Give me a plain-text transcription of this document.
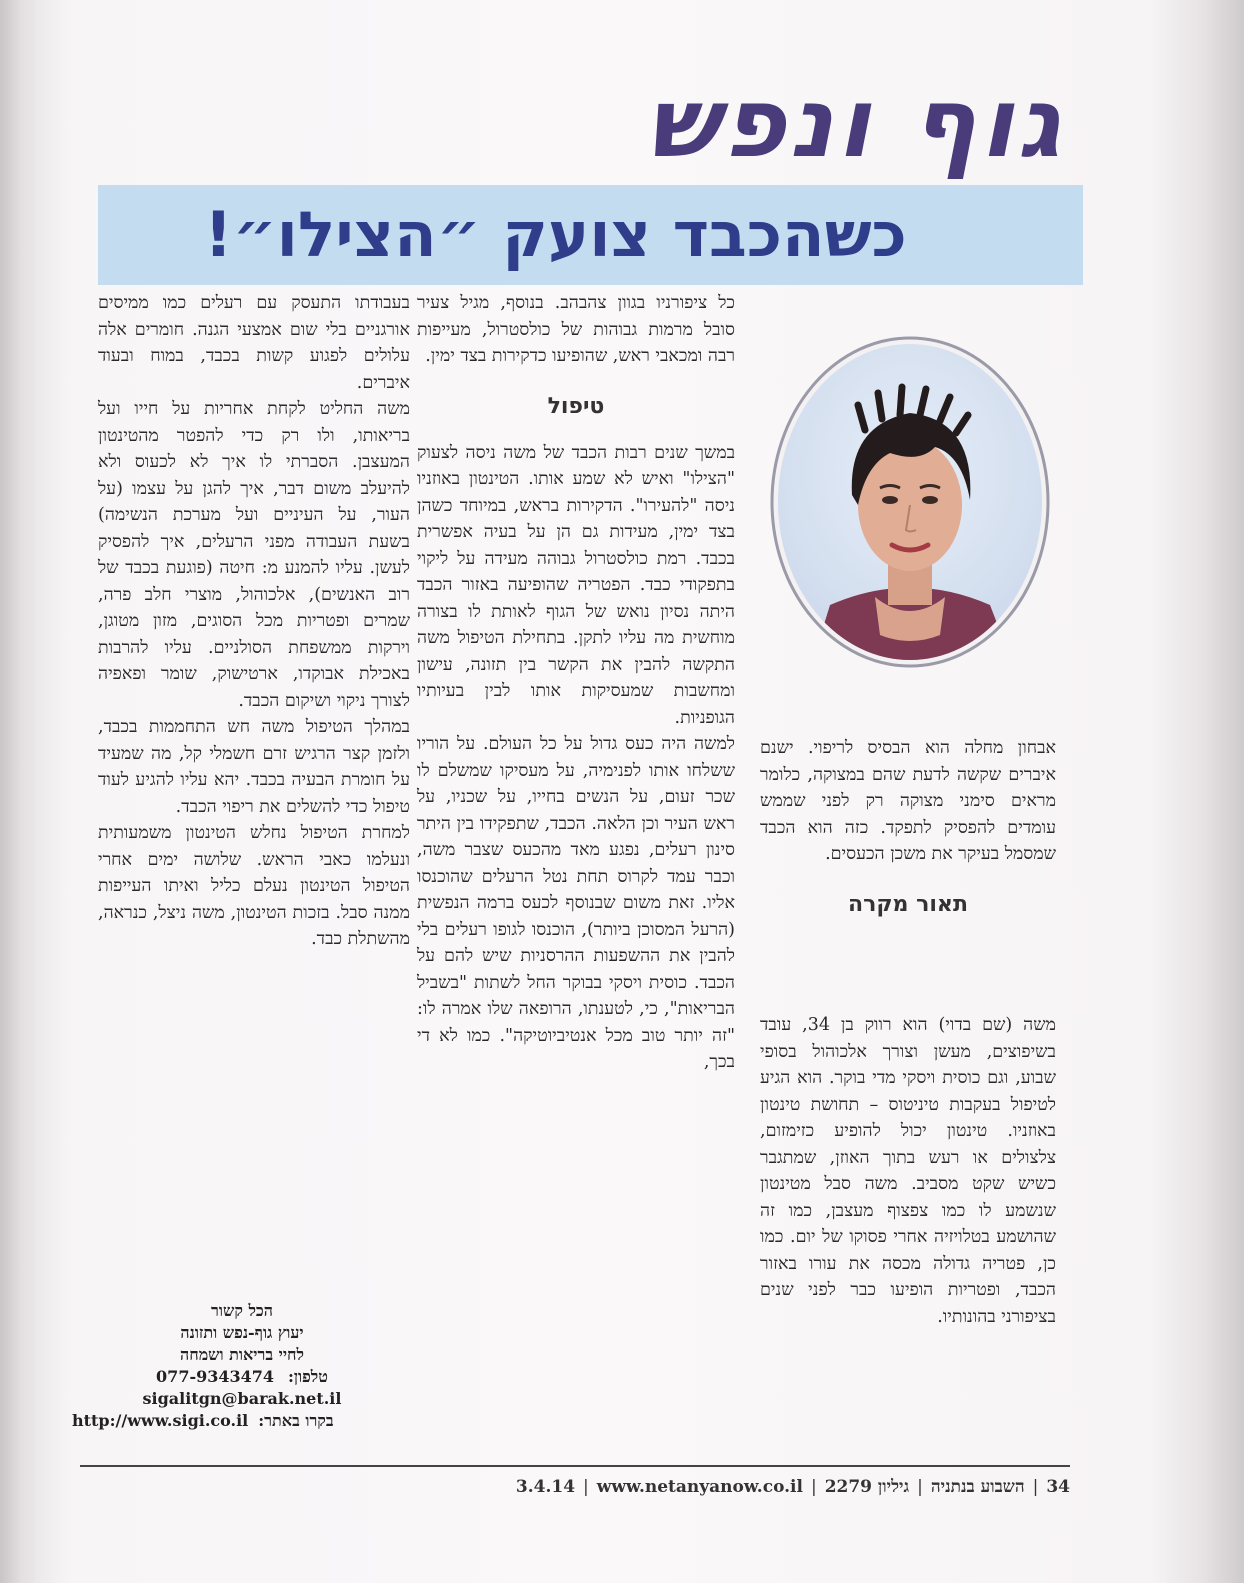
גוף ונפש
כשהכבד צועק ״הצילו״!

אבחון מחלה הוא הבסיס לריפוי. ישנם איברים שקשה לדעת שהם במצוקה, כלומר מראים סימני מצוקה רק לפני שממש עומדים להפסיק לתפקד. כזה הוא הכבד שמסמל בעיקר את משכן הכעסים.

תאור מקרה

משה (שם בדוי) הוא רווק בן 34, עובד בשיפוצים, מעשן וצורך אלכוהול בסופי שבוע, וגם כוסית ויסקי מדי בוקר. הוא הגיע לטיפול בעקבות טיניטוס – תחושת טינטון באוזניו. טינטון יכול להופיע כזימזום, צלצולים או רעש בתוך האוזן, שמתגבר כשיש שקט מסביב. משה סבל מטינטון שנשמע לו כמו צפצוף מעצבן, כמו זה שהושמע בטלויזיה אחרי פסוקו של יום. כמו כן, פטריה גדולה מכסה את עורו באזור הכבד, ופטריות הופיעו כבר לפני שנים בציפורני בהונותיו.

כל ציפורניו בגוון צהבהב. בנוסף, מגיל צעיר סובל מרמות גבוהות של כולסטרול, מעייפות רבה ומכאבי ראש, שהופיעו כדקירות בצד ימין.

טיפול

במשך שנים רבות הכבד של משה ניסה לצעוק "הצילו" ואיש לא שמע אותו. הטינטון באוזניו ניסה "להעירו". הדקירות בראש, במיוחד כשהן בצד ימין, מעידות גם הן על בעיה אפשרית בכבד. רמת כולסטרול גבוהה מעידה על ליקוי בתפקודי כבד. הפטריה שהופיעה באזור הכבד היתה נסיון נואש של הגוף לאותת לו בצורה מוחשית מה עליו לתקן. בתחילת הטיפול משה התקשה להבין את הקשר בין תזונה, עישון ומחשבות שמעסיקות אותו לבין בעיותיו הגופניות.

למשה היה כעס גדול על כל העולם. על הוריו ששלחו אותו לפנימיה, על מעסיקו שמשלם לו שכר זעום, על הנשים בחייו, על שכניו, על ראש העיר וכן הלאה. הכבד, שתפקידו בין היתר סינון רעלים, נפגע מאד מהכעס שצבר משה, וכבר עמד לקרוס תחת נטל הרעלים שהוכנסו אליו. זאת משום שבנוסף לכעס ברמה הנפשית (הרעל המסוכן ביותר), הוכנסו לגופו רעלים בלי להבין את ההשפעות ההרסניות שיש להם על הכבד. כוסית ויסקי בבוקר החל לשתות "בשביל הבריאות", כי, לטענתו, הרופאה שלו אמרה לו: "זה יותר טוב מכל אנטיביוטיקה". כמו לא די בכך,

בעבודתו התעסק עם רעלים כמו ממיסים אורגניים בלי שום אמצעי הגנה. חומרים אלה עלולים לפגוע קשות בכבד, במוח ובעוד איברים.

משה החליט לקחת אחריות על חייו ועל בריאותו, ולו רק כדי להפטר מהטינטון המעצבן. הסברתי לו איך לא לכעוס ולא להיעלב משום דבר, איך להגן על עצמו (על העור, על העיניים ועל מערכת הנשימה) בשעת העבודה מפני הרעלים, איך להפסיק לעשן. עליו להמנע מ: חיטה (פוגעת בכבד של רוב האנשים), אלכוהול, מוצרי חלב פרה, שמרים ופטריות מכל הסוגים, מזון מטוגן, וירקות ממשפחת הסולניים. עליו להרבות באכילת אבוקדו, ארטישוק, שומר ופאפיה לצורך ניקוי ושיקום הכבד.

במהלך הטיפול משה חש התחממות בכבד, ולזמן קצר הרגיש זרם חשמלי קל, מה שמעיד על חומרת הבעיה בכבד. יהא עליו להגיע לעוד טיפול כדי להשלים את ריפוי הכבד.

למחרת הטיפול נחלש הטינטון משמעותית ונעלמו כאבי הראש. שלושה ימים אחרי הטיפול הטינטון נעלם כליל ואיתו העייפות ממנה סבל. בזכות הטינטון, משה ניצל, כנראה, מהשתלת כבד.

הכל קשור
יעוץ גוף-נפש ותזונה
לחיי בריאות ושמחה
טלפון:
077-9343474
sigalitgn@barak.net.il
בקרו באתר:
http://www.sigi.co.il
34|השבוע בנתניה|גיליון 2279|3.4.14 | www.netanyanow.co.il
